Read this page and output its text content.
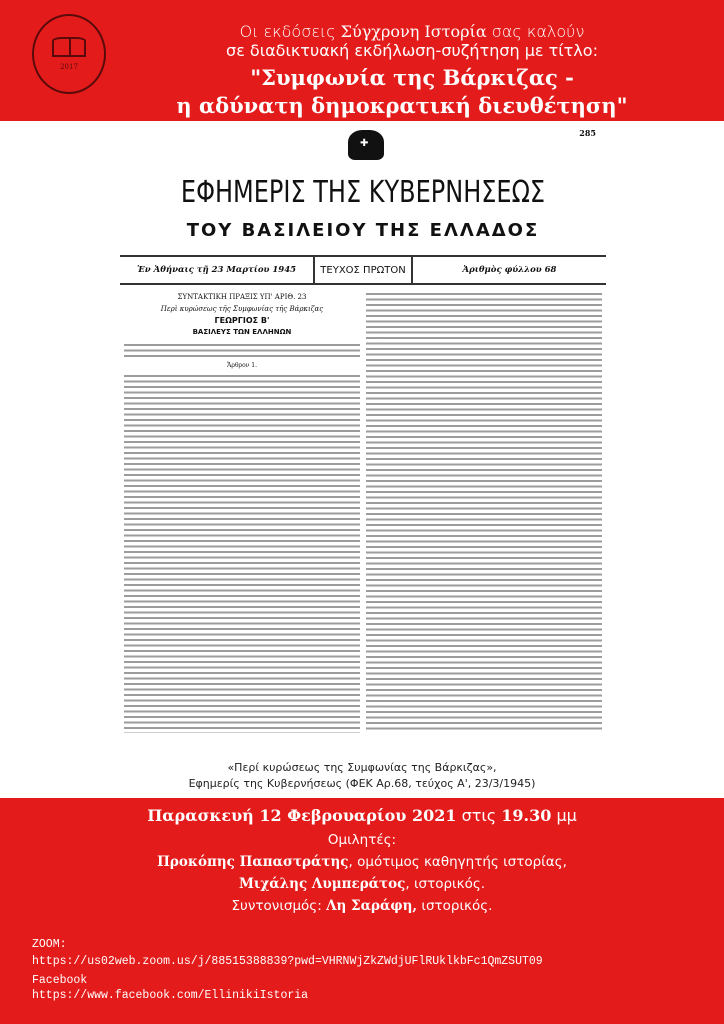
2017
Οι εκδόσεις Σύγχρονη Ιστορία σας καλούν
σε διαδικτυακή εκδήλωση-συζήτηση με τίτλο:
"Συμφωνία της Βάρκιζας -
η αδύνατη δημοκρατική διευθέτηση"
285
✚
ΕΦΗΜΕΡΙΣ ΤΗΣ ΚΥΒΕΡΝΗΣΕΩΣ
ΤΟΥ ΒΑΣΙΛΕΙΟΥ ΤΗΣ ΕΛΛΑΔΟΣ
Ἐν Ἀθήναις τῇ 23 Μαρτίου 1945	ΤΕΥΧΟΣ ΠΡΩΤΟΝ	Ἀριθμὸς φύλλου 68
ΣΥΝΤΑΚΤΙΚΗ ΠΡΑΞΙΣ ΥΠ' ΑΡΙΘ. 23
Περὶ κυρώσεως τῆς Συμφωνίας τῆς Βάρκιζας
ΓΕΩΡΓΙΟΣ Β'
ΒΑΣΙΛΕΥΣ ΤΩΝ ΕΛΛΗΝΩΝ
Ἄρθρον 1.
«Περί κυρώσεως της Συμφωνίας της Βάρκιζας»,
Εφημερίς της Κυβερνήσεως (ΦΕΚ Αρ.68, τεύχος Α', 23/3/1945)
Παρασκευή 12 Φεβρουαρίου 2021 στις 19.30 μμ
Ομιλητές:
Προκόπης Παπαστράτης, ομότιμος καθηγητής ιστορίας,
Μιχάλης Λυμπεράτος, ιστορικός.
Συντονισμός: Λη Σαράφη, ιστορικός.
ZOOM:
https://us02web.zoom.us/j/88515388839?pwd=VHRNWjZkZWdjUFlRUklkbFc1QmZSUT09
Facebook
https://www.facebook.com/EllinikiIstoria
